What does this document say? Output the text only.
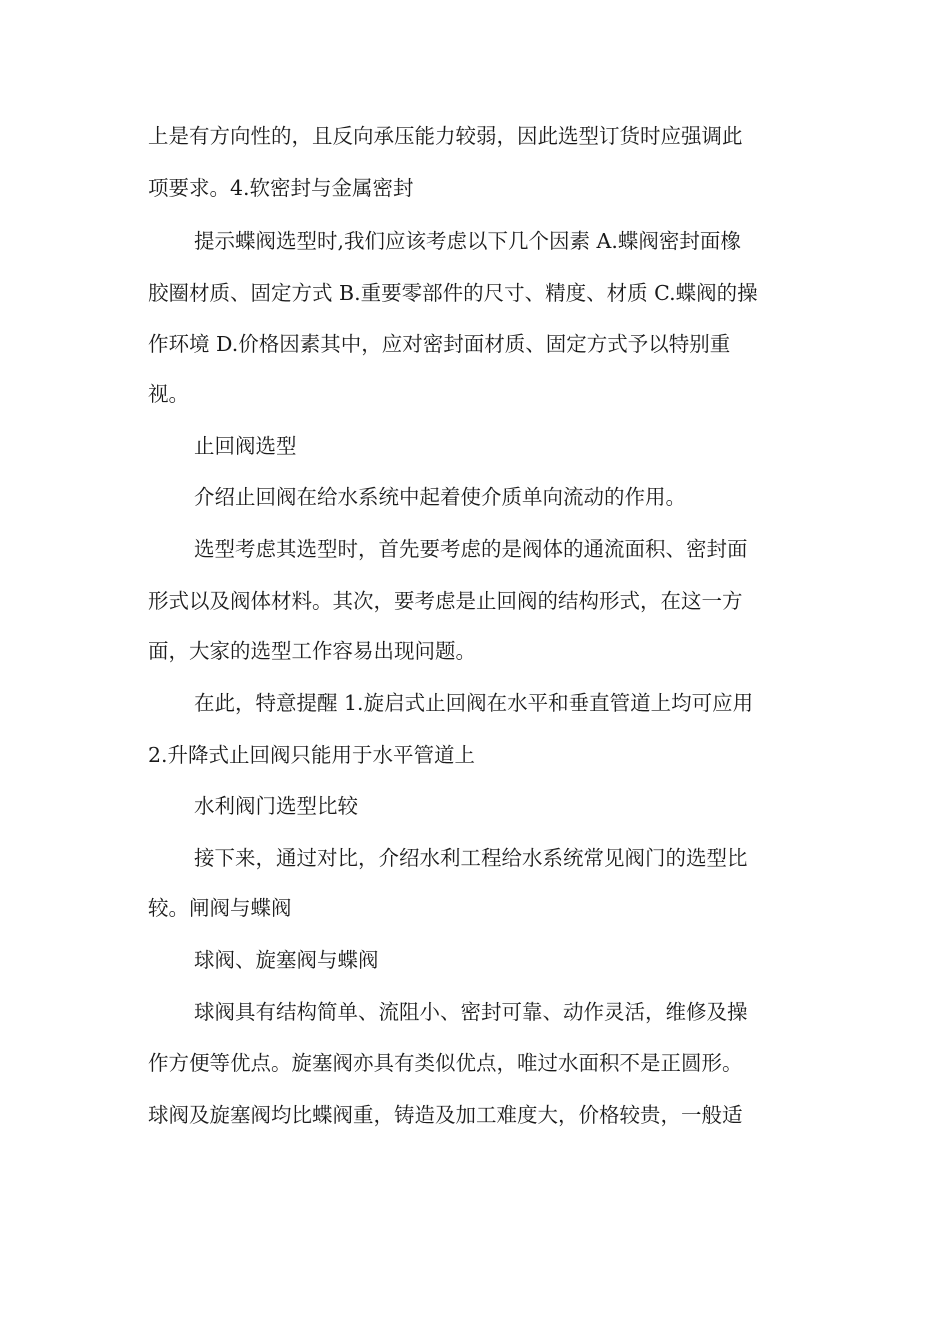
上是有方向性的，且反向承压能力较弱，因此选型订货时应强调此
项要求。4.软密封与金属密封
提示蝶阀选型时,我们应该考虑以下几个因素 A.蝶阀密封面橡
胶圈材质、固定方式 B.重要零部件的尺寸、精度、材质 C.蝶阀的操
作环境 D.价格因素其中，应对密封面材质、固定方式予以特别重
视。
止回阀选型
介绍止回阀在给水系统中起着使介质单向流动的作用。
选型考虑其选型时，首先要考虑的是阀体的通流面积、密封面
形式以及阀体材料。其次，要考虑是止回阀的结构形式，在这一方
面，大家的选型工作容易出现问题。
在此，特意提醒 1.旋启式止回阀在水平和垂直管道上均可应用
2.升降式止回阀只能用于水平管道上
水利阀门选型比较
接下来，通过对比，介绍水利工程给水系统常见阀门的选型比
较。闸阀与蝶阀
球阀、旋塞阀与蝶阀
球阀具有结构简单、流阻小、密封可靠、动作灵活，维修及操
作方便等优点。旋塞阀亦具有类似优点，唯过水面积不是正圆形。
球阀及旋塞阀均比蝶阀重，铸造及加工难度大，价格较贵，一般适
